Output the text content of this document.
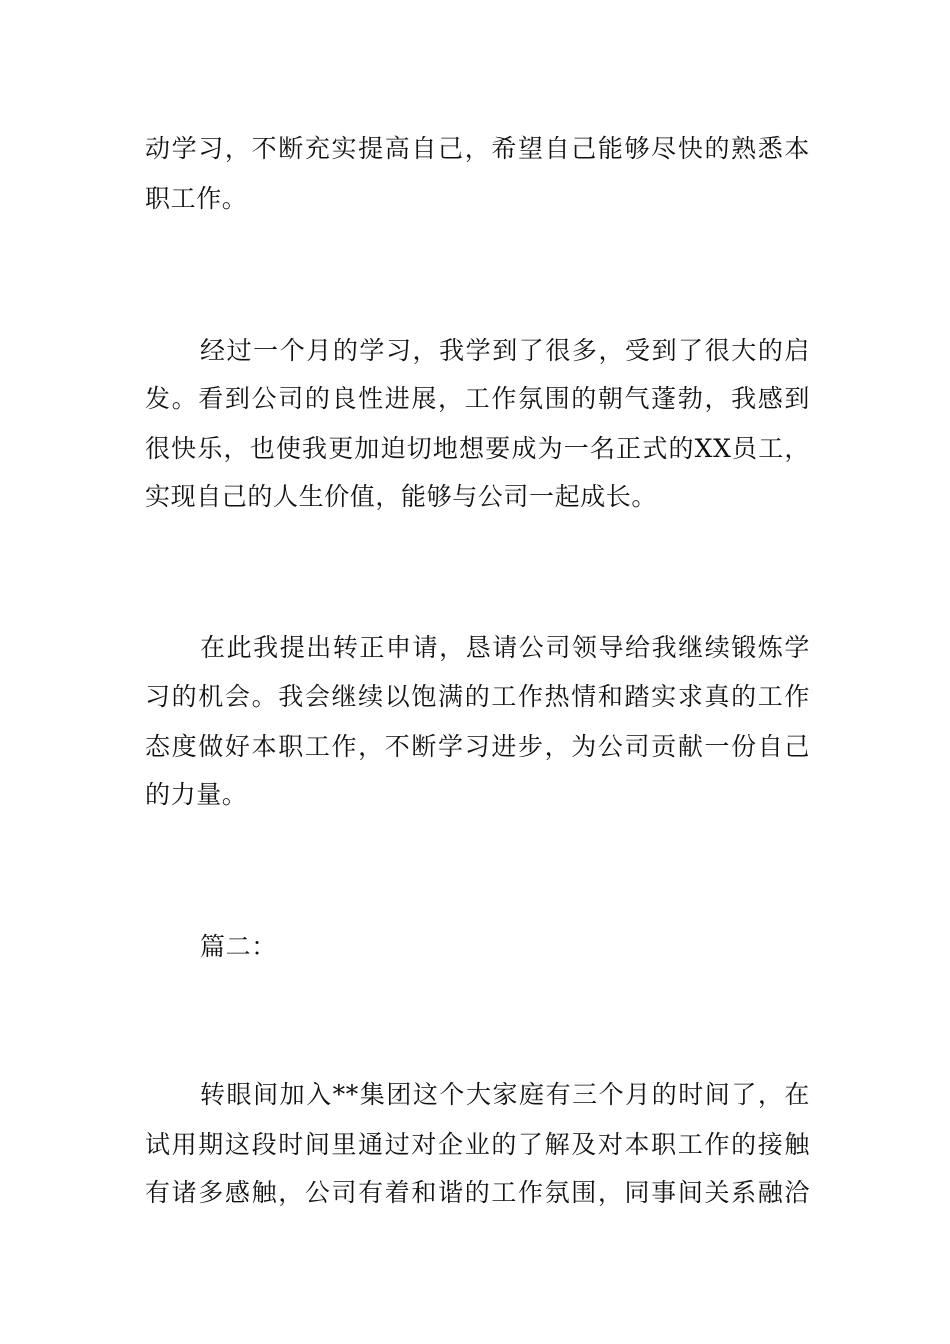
动学习，不断充实提高自己，希望自己能够尽快的熟悉本
职工作。
经过一个月的学习，我学到了很多，受到了很大的启
发。看到公司的良性进展，工作氛围的朝气蓬勃，我感到
很快乐，也使我更加迫切地想要成为一名正式的XX员工，
实现自己的人生价值，能够与公司一起成长。
在此我提出转正申请，恳请公司领导给我继续锻炼学
习的机会。我会继续以饱满的工作热情和踏实求真的工作
态度做好本职工作，不断学习进步，为公司贡献一份自己
的力量。
篇二：
转眼间加入**集团这个大家庭有三个月的时间了，在
试用期这段时间里通过对企业的了解及对本职工作的接触
有诸多感触，公司有着和谐的工作氛围，同事间关系融洽
